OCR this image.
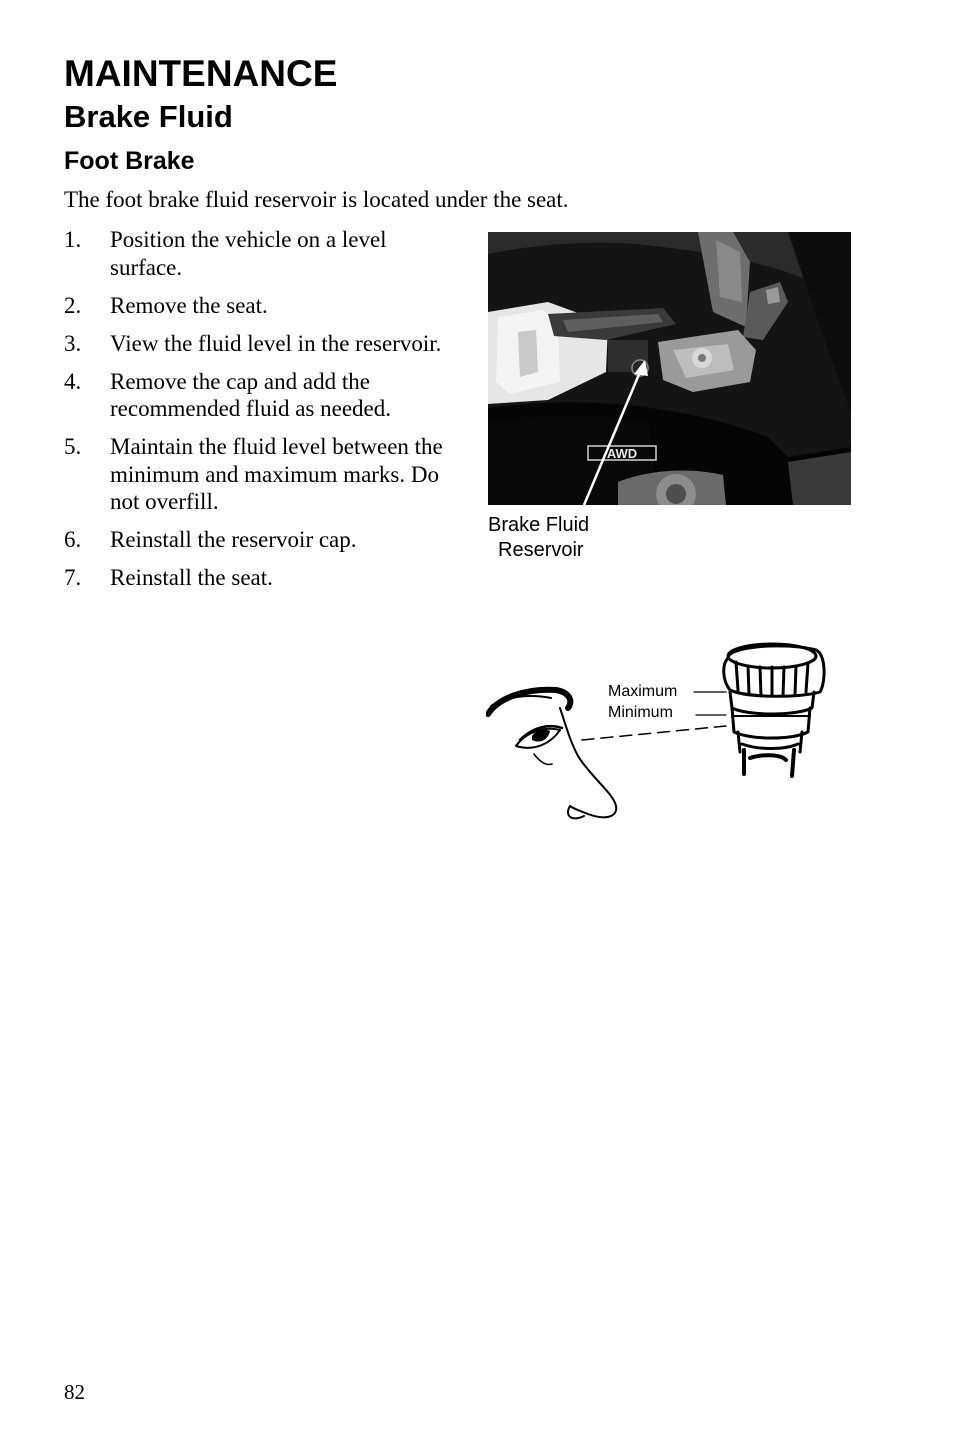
MAINTENANCE
Brake Fluid
Foot Brake

The foot brake fluid reservoir is located under the seat.

1.	Position the vehicle on a level surface.
2.	Remove the seat.
3.	View the fluid level in the reservoir.
4.	Remove the cap and add the recommended fluid as needed.
5.	Maintain the fluid level between the minimum and maximum marks. Do not overfill.
6.	Reinstall the reservoir cap.
7.	Reinstall the seat.
AWD
Brake Fluid
Reservoir
Maximum
Minimum
82
